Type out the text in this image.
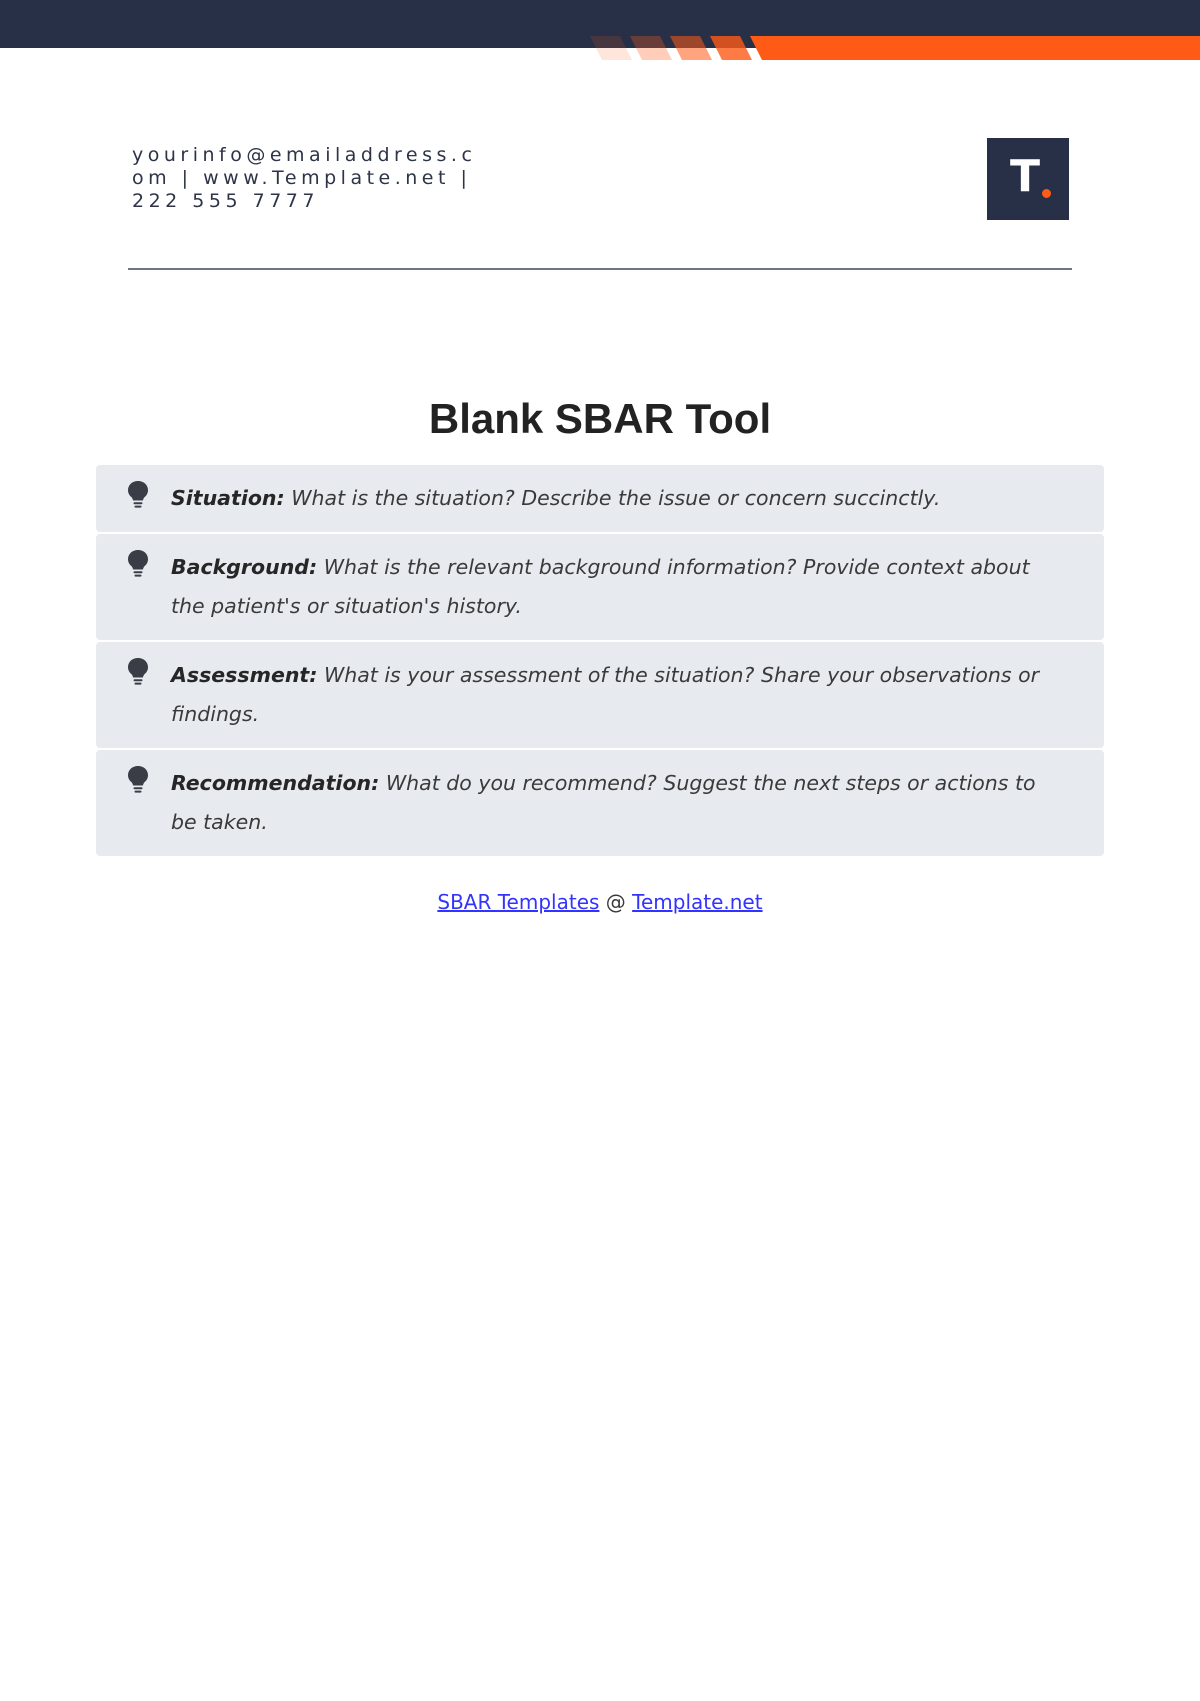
yourinfo@emailaddress.com | www.Template.net | 222 555 7777	T
Blank SBAR Tool
Situation: What is the situation? Describe the issue or concern succinctly.
Background: What is the relevant background information? Provide context about the patient's or situation's history.
Assessment: What is your assessment of the situation? Share your observations or findings.
Recommendation: What do you recommend? Suggest the next steps or actions to be taken.
SBAR Templates @ Template.net
